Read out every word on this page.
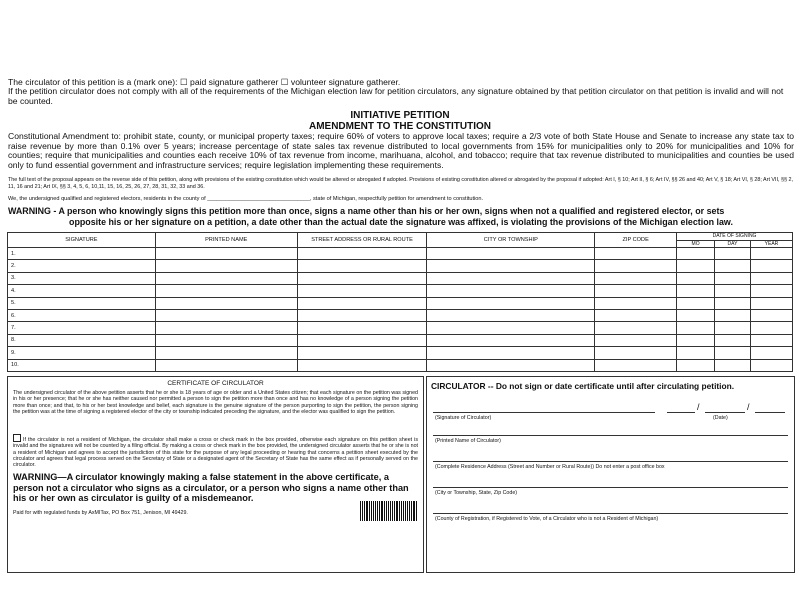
The circulator of this petition is a (mark one): ☐ paid signature gatherer ☐ volunteer signature gatherer.
If the petition circulator does not comply with all of the requirements of the Michigan election law for petition circulators, any signature obtained by that petition circulator on that petition is invalid and will not be counted.
INITIATIVE PETITION
AMENDMENT TO THE CONSTITUTION
Constitutional Amendment to: prohibit state, county, or municipal property taxes; require 60% of voters to approve local taxes; require a 2/3 vote of both State House and Senate to increase any state tax to raise revenue by more than 0.1% over 5 years; increase percentage of state sales tax revenue distributed to local governments from 15% for municipalities only to 20% for municipalities and 10% for counties; require that municipalities and counties each receive 10% of tax revenue from income, marihuana, alcohol, and tobacco; require that tax revenue distributed to municipalities and counties be used only to fund essential government and infrastructure services; require legislation implementing these requirements.
The full text of the proposal appears on the reverse side of this petition, along with provisions of the existing constitution which would be altered or abrogated if adopted. Provisions of existing constitution altered or abrogated by the proposal if adopted: Art I, § 10; Art II, § 6; Art IV, §§ 26 and 40; Art V, § 18; Art VI, § 28; Art VII, §§ 2, 11, 16 and 21; Art IX, §§ 3, 4, 5, 6, 10,11, 15, 16, 25, 26, 27, 28, 31, 32, 33 and 36.
We, the undersigned qualified and registered electors, residents in the county of _________________________________, state of Michigan, respectfully petition for amendment to constitution.
WARNING - A person who knowingly signs this petition more than once, signs a name other than his or her own, signs when not a qualified and registered elector, or sets
opposite his or her signature on a petition, a date other than the actual date the signature was affixed, is violating the provisions of the Michigan election law.
SIGNATURE	PRINTED NAME	STREET ADDRESS OR RURAL ROUTE	CITY OR TOWNSHIP	ZIP CODE	DATE OF SIGNING		
					MO	DAY	YEAR
1.							
2.							
3.							
4.							
5.							
6.							
7.							
8.							
9.							
10.							
CERTIFICATE OF CIRCULATOR
The undersigned circulator of the above petition asserts that he or she is 18 years of age or older and a United States citizen; that each signature on the petition was signed in his or her presence; that he or she has neither caused nor permitted a person to sign the petition more than once and has no knowledge of a person signing the petition more than once; and that, to his or her best knowledge and belief, each signature is the genuine signature of the person purporting to sign the petition, the person signing the petition was at the time of signing a registered elector of the city or township indicated preceding the signature, and the elector was qualified to sign the petition.
If the circulator is not a resident of Michigan, the circulator shall make a cross or check mark in the box provided, otherwise each signature on this petition sheet is invalid and the signatures will not be counted by a filing official. By making a cross or check mark in the box provided, the undersigned circulator asserts that he or she is not a resident of Michigan and agrees to accept the jurisdiction of this state for the purpose of any legal proceeding or hearing that concerns a petition sheet executed by the circulator and agrees that legal process served on the Secretary of State or a designated agent of the Secretary of State has the same effect as if personally served on the circulator.
WARNING—A circulator knowingly making a false statement in the above certificate, a person not a circulator who signs as a circulator, or a person who signs a name other than his or her own as circulator is guilty of a misdemeanor.
Paid for with regulated funds by AxMITax, PO Box 751, Jenison, MI 49429.
CIRCULATOR -- Do not sign or date certificate until after circulating petition.
(Signature of Circulator)
/	/
(Date)
(Printed Name of Circulator)
(Complete Residence Address (Street and Number or Rural Route)) Do not enter a post office box
(City or Township, State, Zip Code)
(County of Registration, if Registered to Vote, of a Circulator who is not a Resident of Michigan)
